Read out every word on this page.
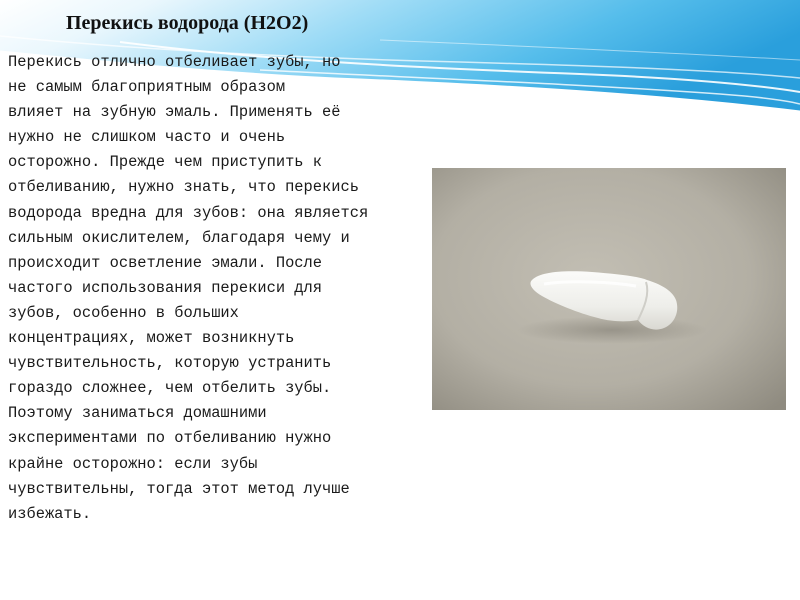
Перекись водорода (Н2О2)

Перекись отлично отбеливает зубы, но
не самым благоприятным образом
влияет на зубную эмаль. Применять её
нужно не слишком часто и очень
осторожно. Прежде чем приступить к
отбеливанию, нужно знать, что перекись
водорода вредна для зубов: она является
сильным окислителем, благодаря чему и
происходит осветление эмали. После
частого использования перекиси для
зубов, особенно в больших
концентрациях, может возникнуть
чувствительность, которую устранить
гораздо сложнее, чем отбелить зубы.
Поэтому заниматься домашними
экспериментами по отбеливанию нужно
крайне осторожно: если зубы
чувствительны, тогда этот метод лучше
избежать.
